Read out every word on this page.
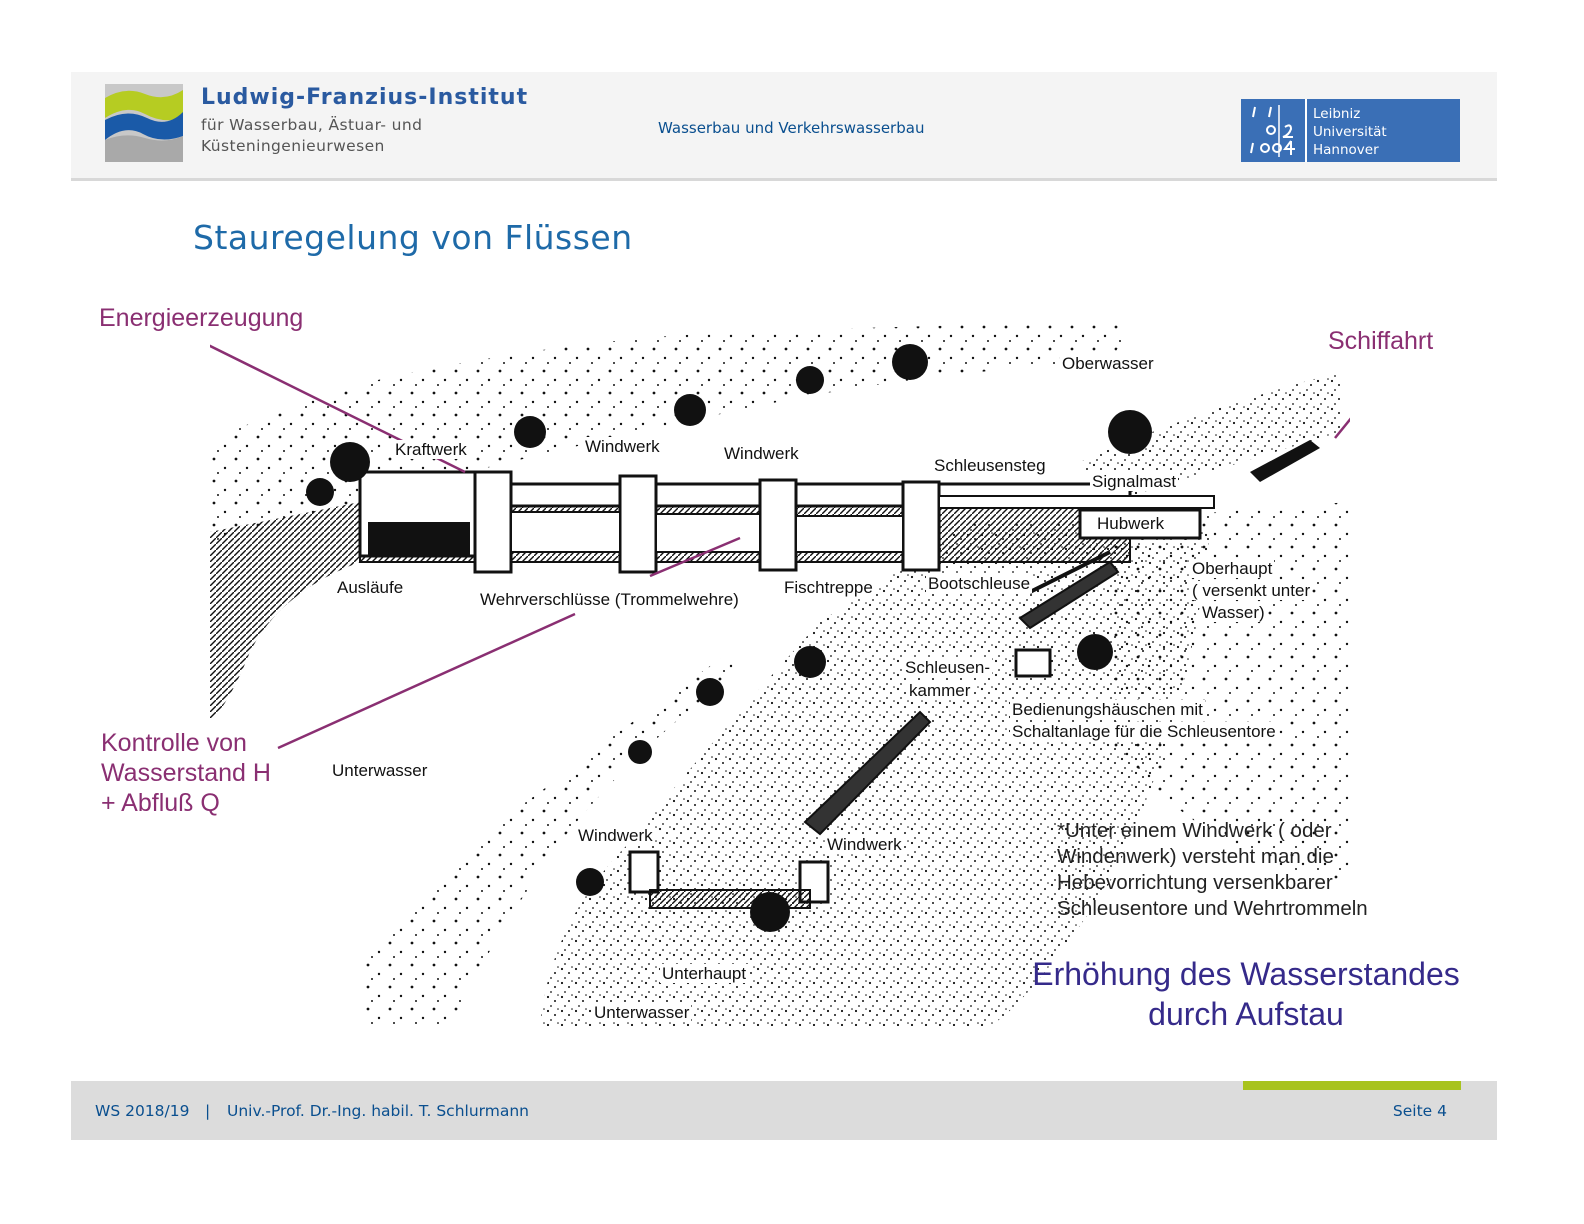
Ludwig-Franzius-Institut
für Wasserbau, Ästuar- und
Küsteningenieurwesen
Wasserbau und Verkehrswasserbau
Leibniz
Universität
Hannover
Stauregelung von Flüssen
Kraftwerk	Windwerk	Windwerk
Oberwasser
Schleusensteg
Signalmast
Hubwerk
Ausläufe
Wehrverschlüsse (Trommelwehre)
Fischtreppe	Bootschleuse
Oberhaupt
( versenkt unter
Wasser)
Schleusen-
kammer
Bedienungshäuschen mit
Schaltanlage für die Schleusentore
Unterwasser
Windwerk	Windwerk
Unterhaupt
Unterwasser
Energieerzeugung
Schiffahrt
Kontrolle von
Wasserstand H
+ Abfluß Q
*Unter einem Windwerk ( oder
Windenwerk) versteht man die
Hebevorrichtung versenkbarer
Schleusentore und Wehrtrommeln
Erhöhung des Wasserstandes
durch Aufstau
WS 2018/19 | Univ.-Prof. Dr.-Ing. habil. T. Schlurmann	Seite 4
